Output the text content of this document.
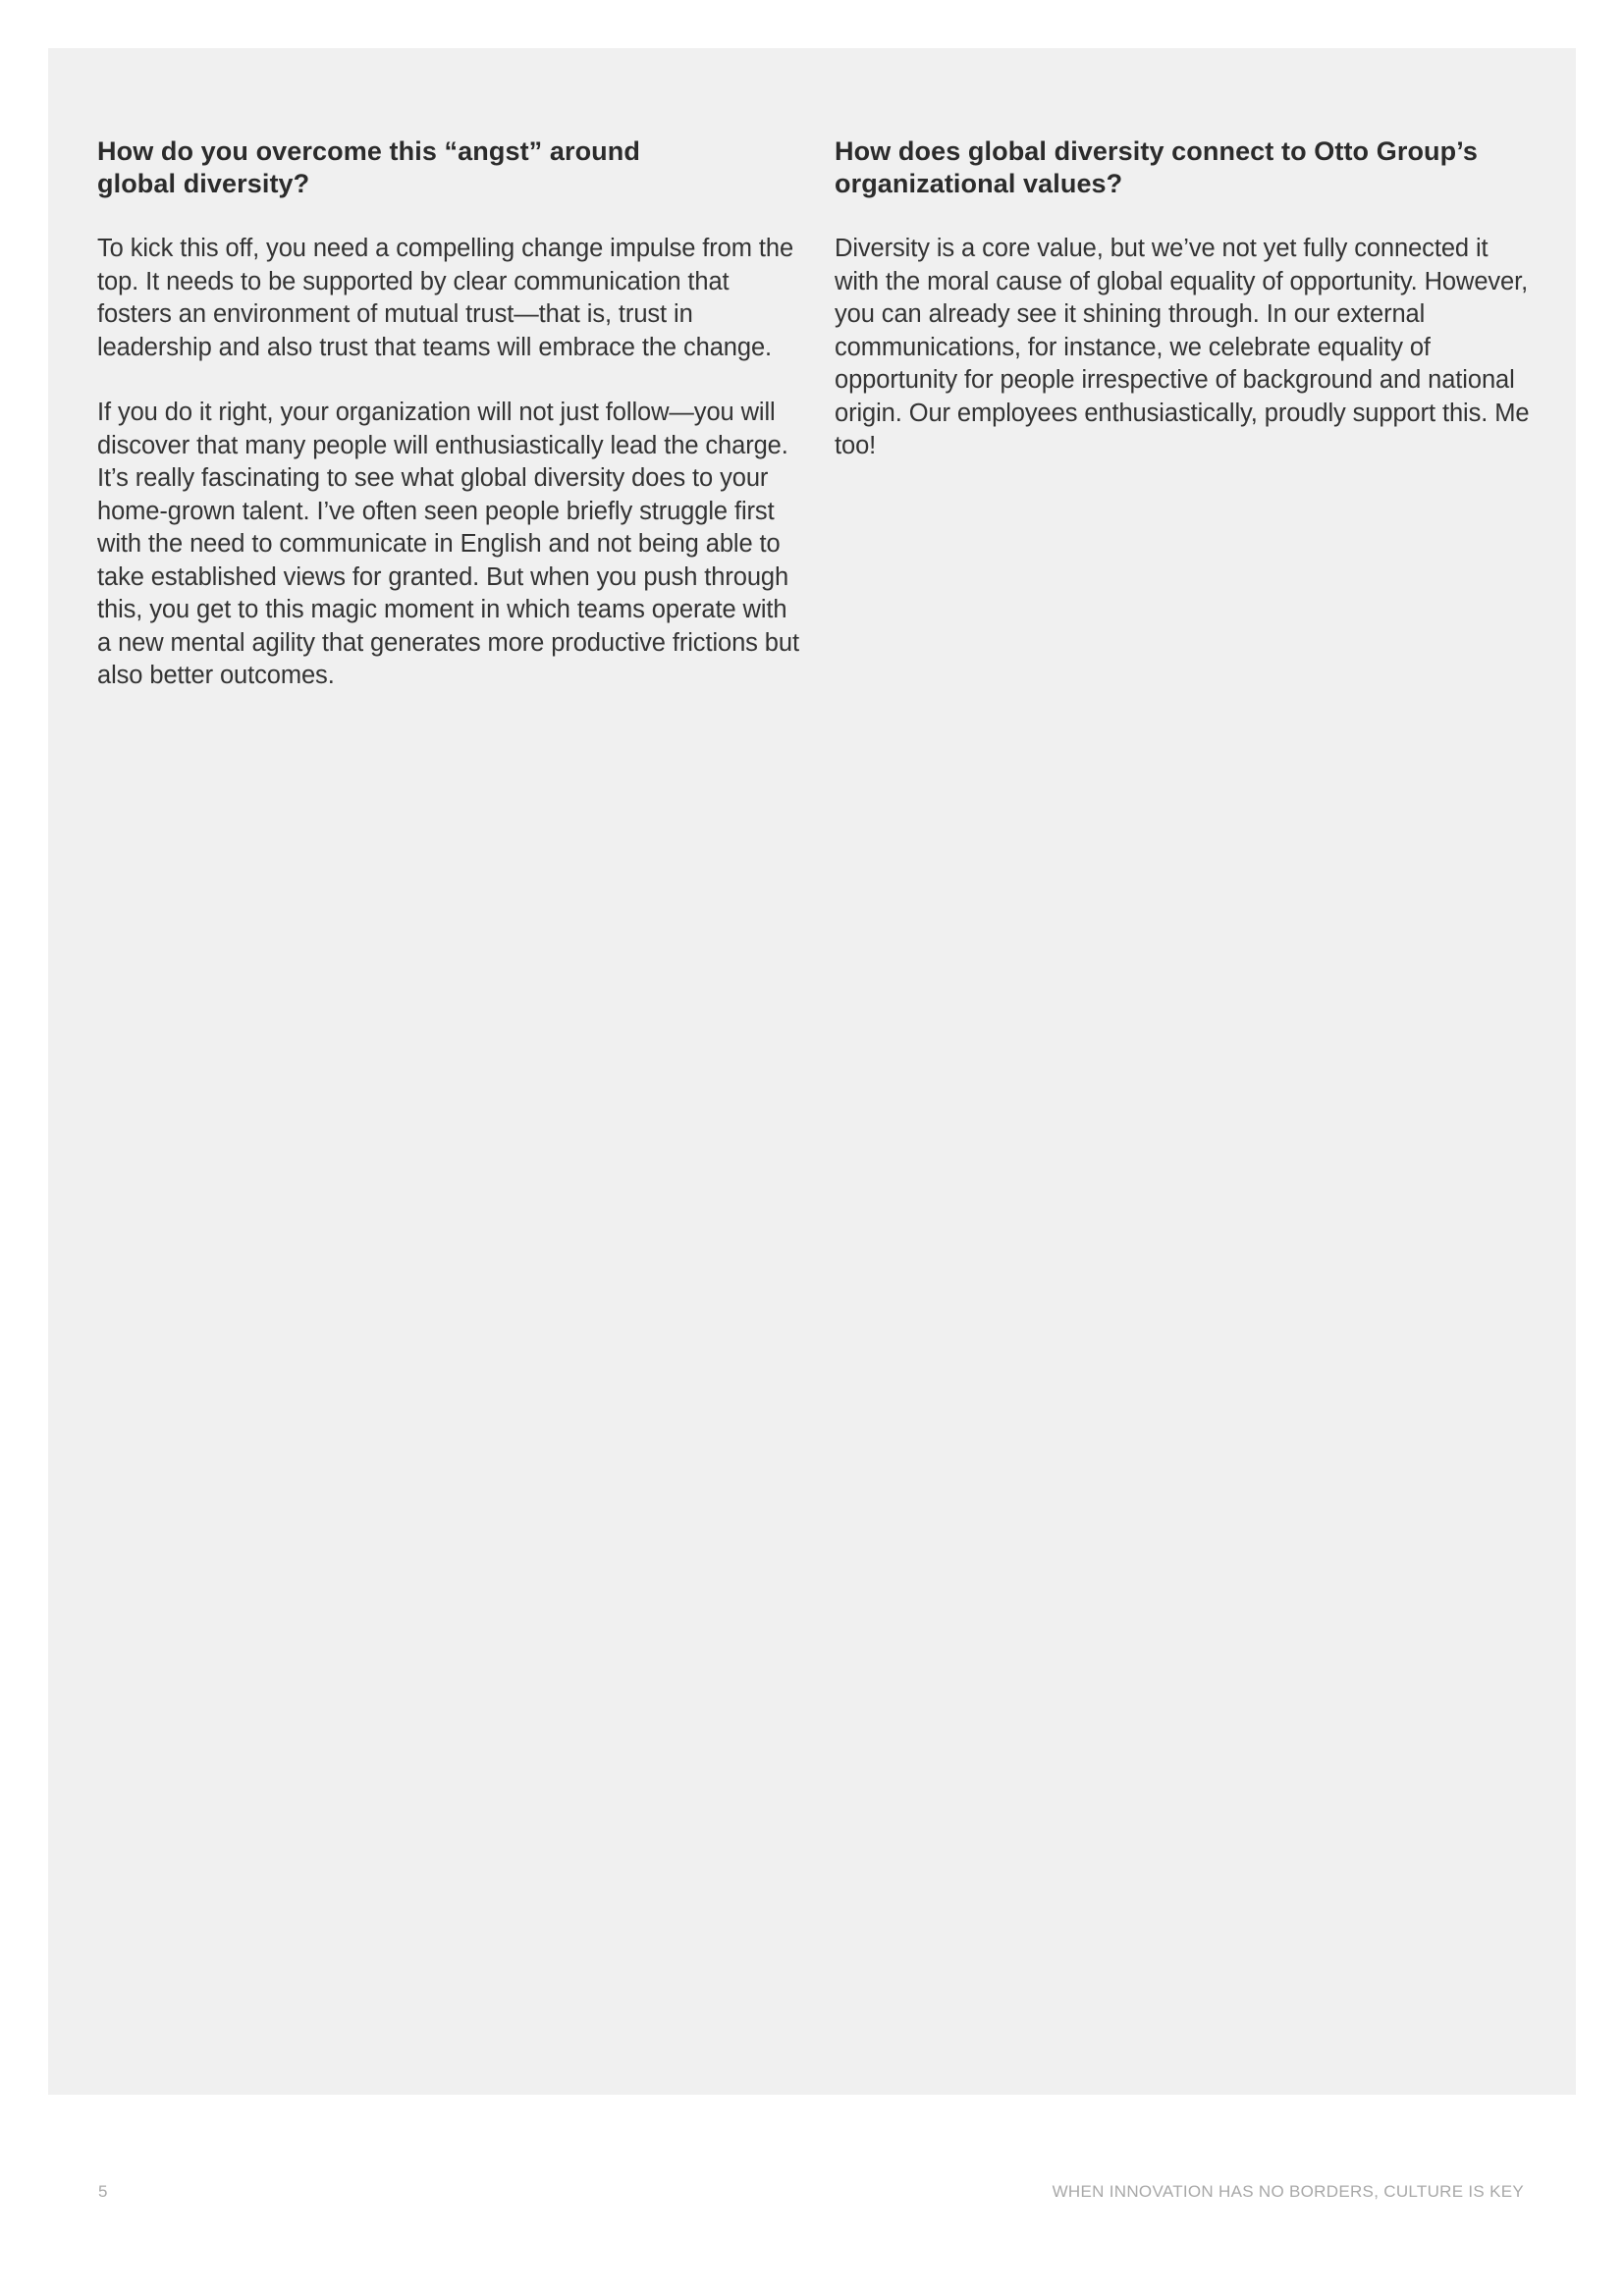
How do you overcome this “angst” around
global diversity?

To kick this off, you need a compelling change impulse from the top. It needs to be supported by clear communication that fosters an environment of mutual trust—that is, trust in leadership and also trust that teams will embrace the change.

If you do it right, your organization will not just follow—you will discover that many people will enthusiastically lead the charge. It’s really fascinating to see what global diversity does to your home-grown talent. I’ve often seen people briefly struggle first with the need to communicate in English and not being able to take established views for granted. But when you push through this, you get to this magic moment in which teams operate with a new mental agility that generates more productive frictions but also better outcomes.

How does global diversity connect to Otto Group’s
organizational values?

Diversity is a core value, but we’ve not yet fully connected it with the moral cause of global equality of opportunity. However, you can already see it shining through. In our external communications, for instance, we celebrate equality of opportunity for people irrespective of background and national origin. Our employees enthusiastically, proudly support this. Me too!

5	WHEN INNOVATION HAS NO BORDERS, CULTURE IS KEY
